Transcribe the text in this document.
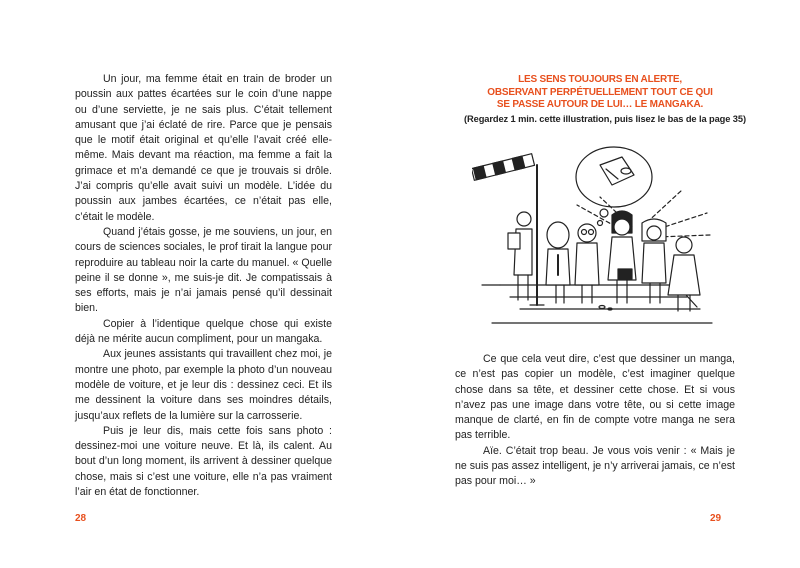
Un jour, ma femme était en train de broder un poussin aux pattes écartées sur le coin d’une nappe ou d’une serviette, je ne sais plus. C’était tellement amusant que j’ai éclaté de rire. Parce que je pensais que le motif était original et qu’elle l’avait créé elle-même. Mais devant ma réaction, ma femme a fait la grimace et m’a demandé ce que je trouvais si drôle. J’ai compris qu’elle avait suivi un modèle. L’idée du poussin aux jambes écartées, ce n’était pas elle, c’était le modèle.

Quand j’étais gosse, je me souviens, un jour, en cours de sciences sociales, le prof tirait la langue pour reproduire au tableau noir la carte du manuel. « Quelle peine il se donne », me suis-je dit. Je compatissais à ses efforts, mais je n’ai jamais pensé qu’il dessinait bien.

Copier à l’identique quelque chose qui existe déjà ne mérite aucun compliment, pour un mangaka.

Aux jeunes assistants qui travaillent chez moi, je montre une photo, par exemple la photo d’un nouveau modèle de voiture, et je leur dis : dessinez ceci. Et ils me dessinent la voiture dans ses moindres détails, jusqu’aux reflets de la lumière sur la carrosserie.

Puis je leur dis, mais cette fois sans photo : dessinez-moi une voiture neuve. Et là, ils calent. Au bout d’un long moment, ils arrivent à dessiner quelque chose, mais si c’est une voiture, elle n’a pas vraiment l’air en état de fonctionner.

28
LES SENS TOUJOURS EN ALERTE,
OBSERVANT PERPÉTUELLEMENT TOUT CE QUI
SE PASSE AUTOUR DE LUI… LE MANGAKA.
(Regardez 1 min. cette illustration, puis lisez le bas de la page 35)

Ce que cela veut dire, c’est que dessiner un manga, ce n’est pas copier un modèle, c’est imaginer quelque chose dans sa tête, et dessiner cette chose. Et si vous n’avez pas une image dans votre tête, ou si cette image manque de clarté, en fin de compte votre manga ne sera pas terrible.

Aïe. C’était trop beau. Je vous vois venir : « Mais je ne suis pas assez intelligent, je n’y arriverai jamais, ce n’est pas pour moi… »

29
